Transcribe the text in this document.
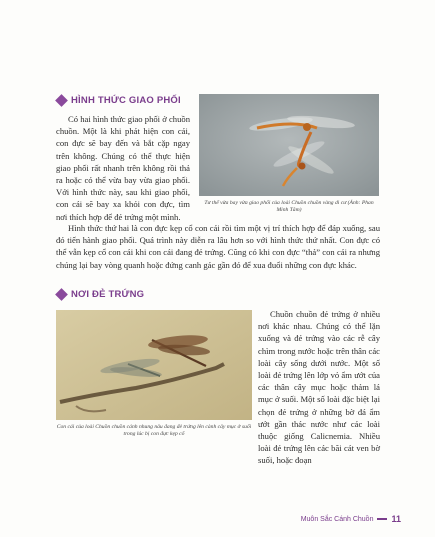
HÌNH THỨC GIAO PHỐI
Có hai hình thức giao phối ở chuồn chuồn. Một là khi phát hiện con cái, con đực sẽ bay đến và bắt cặp ngay trên không. Chúng có thể thực hiện giao phối rất nhanh trên không rồi thả ra hoặc có thể vừa bay vừa giao phối. Với hình thức này, sau khi giao phối, con cái sẽ bay xa khỏi con đực, tìm nơi thích hợp để đẻ trứng một mình.
Tư thế vừa bay vừa giao phối của loài Chuồn chuồn vàng di cư (Ảnh: Phan Minh Tâm)
Hình thức thứ hai là con đực kẹp cổ con cái rồi tìm một vị trí thích hợp để đáp xuống, sau đó tiến hành giao phối. Quá trình này diễn ra lâu hơn so với hình thức thứ nhất. Con đực có thể vẫn kẹp cổ con cái khi con cái đang đẻ trứng. Cũng có khi con đực “thả” con cái ra nhưng chúng lại bay vòng quanh hoặc đứng canh gác gần đó để xua đuổi những con đực khác.
NƠI ĐẺ TRỨNG
Con cái của loài Chuồn chuồn cánh nhung nâu đang đẻ trứng lên cành cây mục ở suối trong lúc bị con đực kẹp cổ
Chuồn chuồn đẻ trứng ở nhiều nơi khác nhau. Chúng có thể lặn xuống và đẻ trứng vào các rễ cây chìm trong nước hoặc trên thân các loài cây sống dưới nước. Một số loài đẻ trứng lên lớp vỏ ẩm ướt của các thân cây mục hoặc thảm lá mục ở suối. Một số loài đặc biệt lại chọn đẻ trứng ở những bờ đá ẩm ướt gần thác nước như các loài thuộc giống Calicnemia. Nhiều loài đẻ trứng lên các bãi cát ven bờ suối, hoặc đoạn
Muôn Sắc Cánh Chuồn 11
